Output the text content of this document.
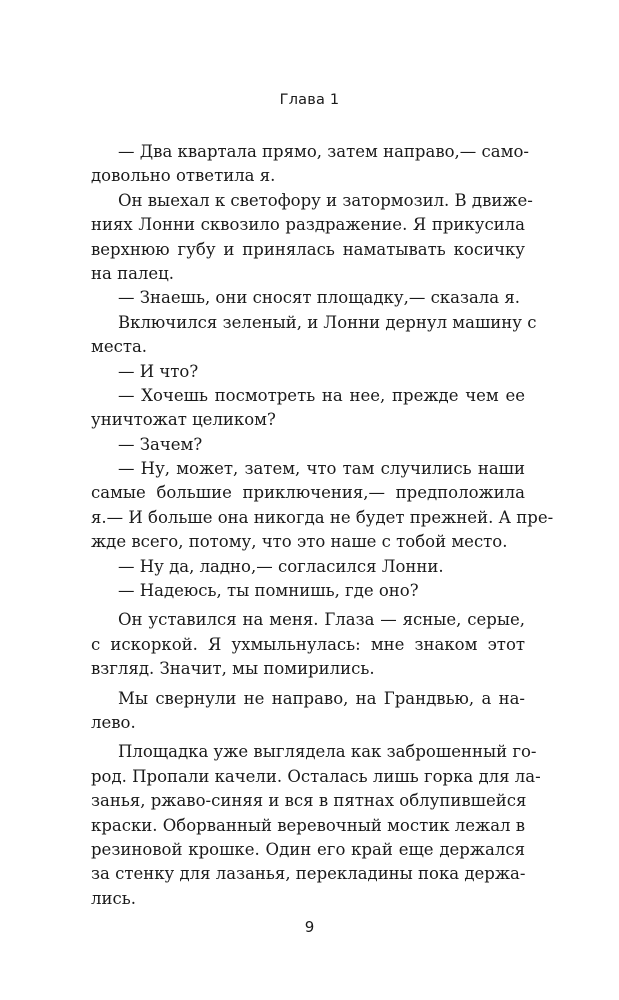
Глава 1
— Два квартала прямо, затем направо,— само-
довольно ответила я.
Он выехал к светофору и затормозил. В движе-
ниях Лонни сквозило раздражение. Я прикусила
верхнюю губу и принялась наматывать косичку
на палец.
— Знаешь, они сносят площадку,— сказала я.
Включился зеленый, и Лонни дернул машину с
места.
— И что?
— Хочешь посмотреть на нее, прежде чем ее
уничтожат целиком?
— Зачем?
— Ну, может, затем, что там случились наши
самые большие приключения,— предположила
я.— И больше она никогда не будет прежней. А пре-
жде всего, потому, что это наше с тобой место.
— Ну да, ладно,— согласился Лонни.
— Надеюсь, ты помнишь, где оно?
Он уставился на меня. Глаза — ясные, серые,
с искоркой. Я ухмыльнулась: мне знаком этот
взгляд. Значит, мы помирились.
Мы свернули не направо, на Грандвью, а на-
лево.
Площадка уже выглядела как заброшенный го-
род. Пропали качели. Осталась лишь горка для ла-
занья, ржаво-синяя и вся в пятнах облупившейся
краски. Оборванный веревочный мостик лежал в
резиновой крошке. Один его край еще держался
за стенку для лазанья, перекладины пока держа-
лись.
9
